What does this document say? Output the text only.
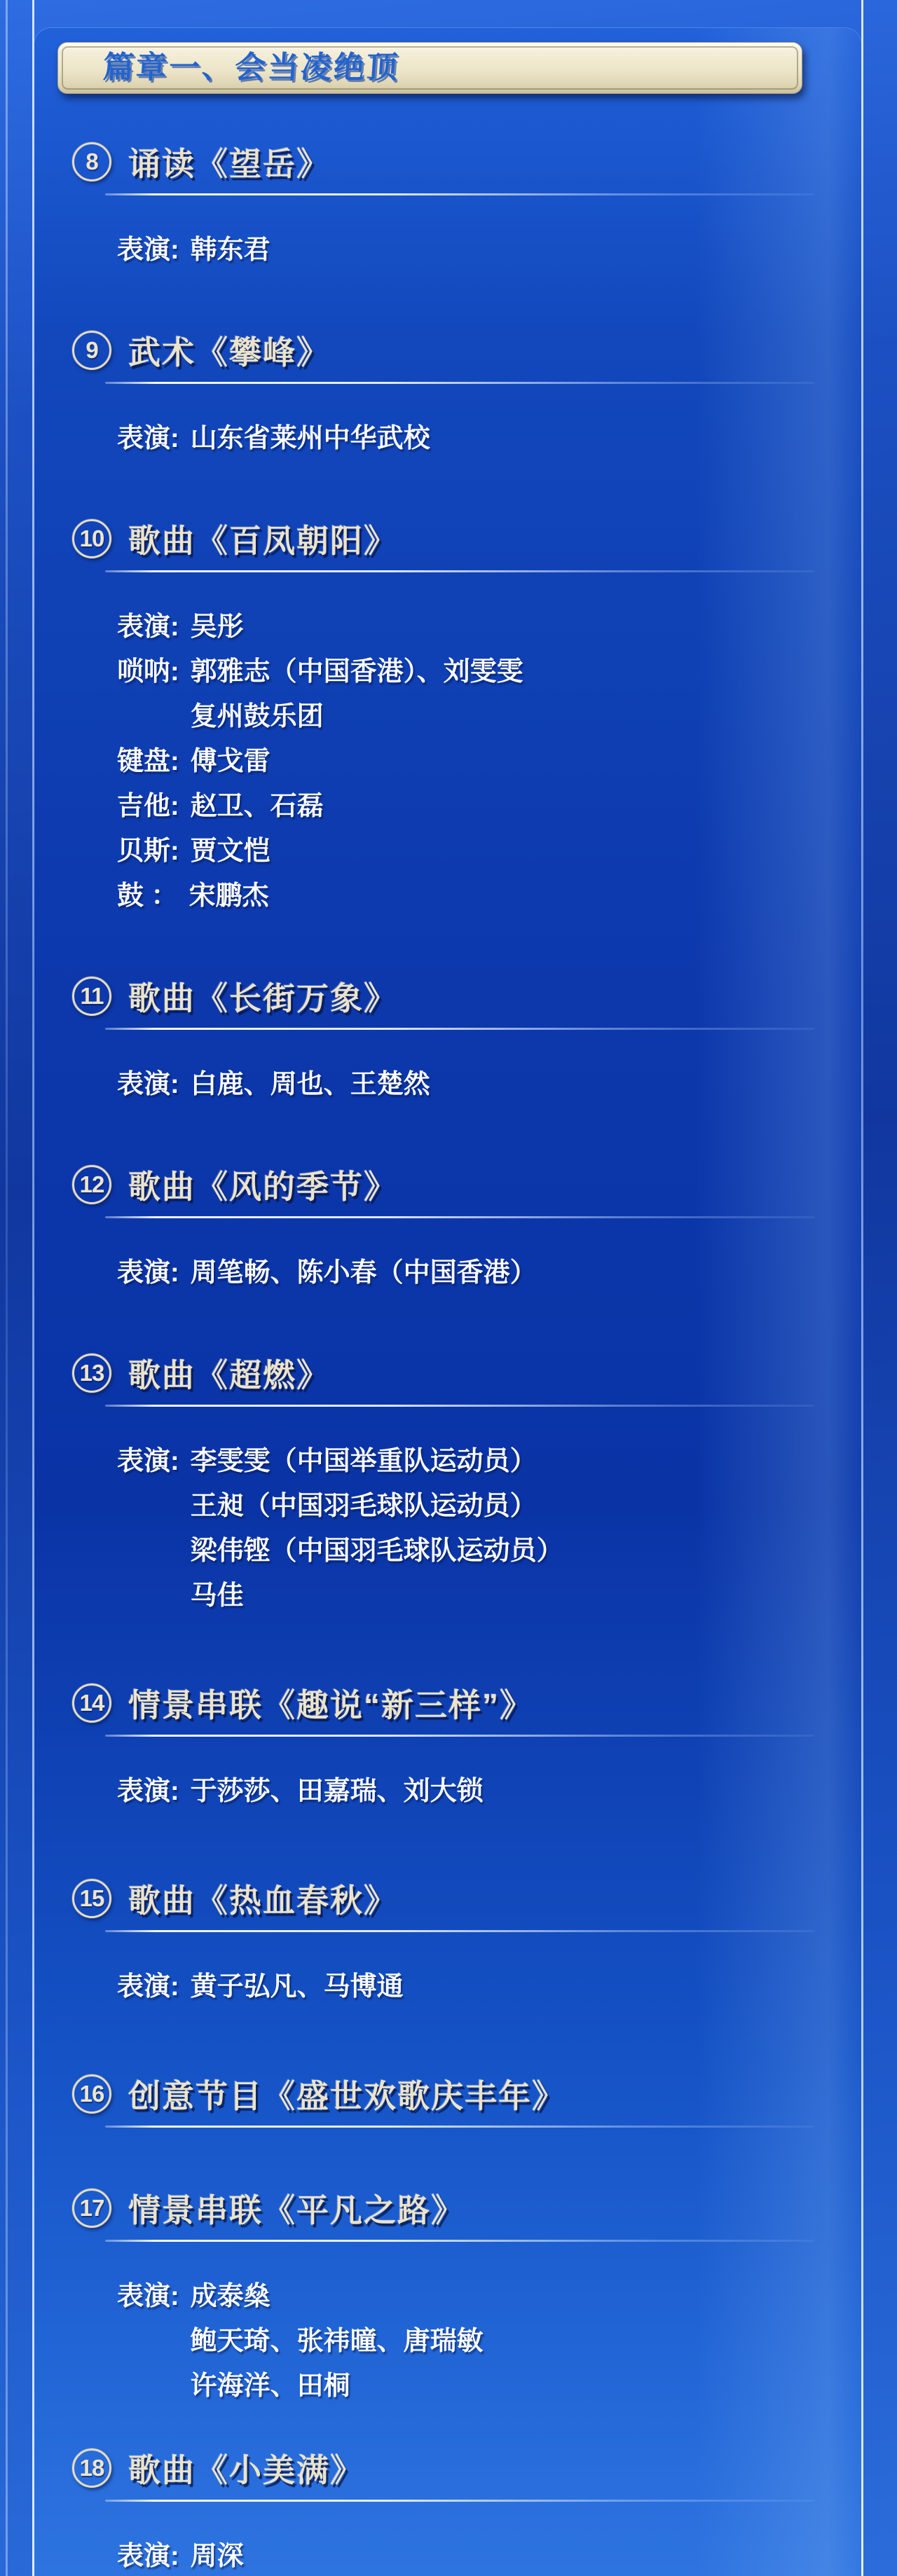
篇章一、会当凌绝顶
8 诵读《望岳》
表演: 韩东君
9 武术《攀峰》
表演: 山东省莱州中华武校
10 歌曲《百凤朝阳》
表演: 吴彤
唢呐: 郭雅志（中国香港）、刘雯雯
复州鼓乐团
键盘: 傅戈雷
吉他: 赵卫、石磊
贝斯: 贾文恺
鼓 ： 宋鹏杰
11 歌曲《长街万象》
表演: 白鹿、周也、王楚然
12 歌曲《风的季节》
表演: 周笔畅、陈小春（中国香港）
13 歌曲《超燃》
表演: 李雯雯（中国举重队运动员）
王昶（中国羽毛球队运动员）
梁伟铿（中国羽毛球队运动员）
马佳
14 情景串联《趣说“新三样”》
表演: 于莎莎、田嘉瑞、刘大锁
15 歌曲《热血春秋》
表演: 黄子弘凡、马博通
16 创意节目《盛世欢歌庆丰年》
17 情景串联《平凡之路》
表演: 成泰燊
鲍天琦、张祎曈、唐瑞敏
许海洋、田桐
18 歌曲《小美满》
表演: 周深
